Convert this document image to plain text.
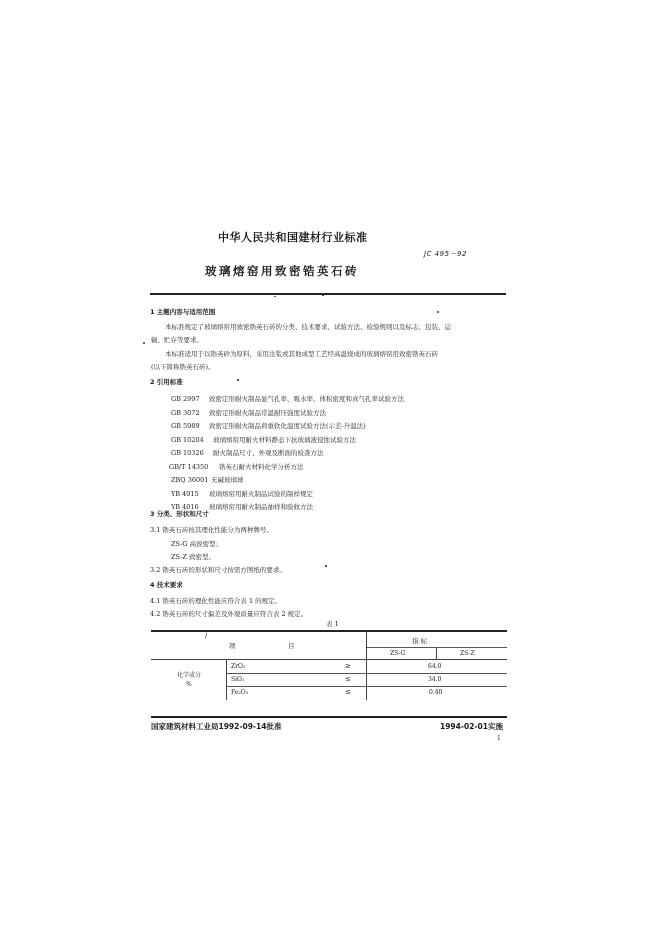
中华人民共和国建材行业标准
JC 495－92
玻璃熔窑用致密锆英石砖
1 主题内容与适用范围
本标准规定了玻璃熔窑用致密锆英石砖的分类、技术要求、试验方法、检验规则以及标志、包装、运
输、贮存等要求。
本标准适用于以锆英砂为原料，采用注浆或其他成型工艺经高温烧成的玻璃熔窑用致密锆英石砖
(以下简称锆英石砖)。
2 引用标准
GB 2997 致密定形耐火制品显气孔率、吸水率、体积密度和真气孔率试验方法
GB 3072 致密定形耐火制品常温耐压强度试验方法
GB 5989 致密定形耐火制品荷重软化温度试验方法(示差-升温法)
GB 10204 玻璃熔窑用耐火材料静态下抗玻璃液侵蚀试验方法
GB 10326 耐火制品尺寸、外观及断面的检查方法
GB/T 14350 锆英石耐火材料化学分析方法
ZBQ 36001 无碱玻璃球
YB 4015 玻璃熔窑用耐火制品试验的制样规定
YB 4016 玻璃熔窑用耐火制品抽样和验收方法
3 分类、形状和尺寸
3.1 锆英石砖按其理化性能分为两种牌号。
ZS-G 高致密型；
ZS-Z 致密型。
3.2 锆英石砖的形状和尺寸按需方图纸的要求。
4 技术要求
4.1 锆英石砖的理化性能应符合表 1 的规定。
4.2 锆英石砖的尺寸偏差及外观质量应符合表 2 规定。
表 1
/
项	目
指 标
ZS-G	ZS-Z
化学成分
%
ZrO₂	≥	64.0
SiO₂	≤	34.0
Fe₂O₃	≤	0.40
国家建筑材料工业局1992-09-14批准	1994-02-01实施
1
